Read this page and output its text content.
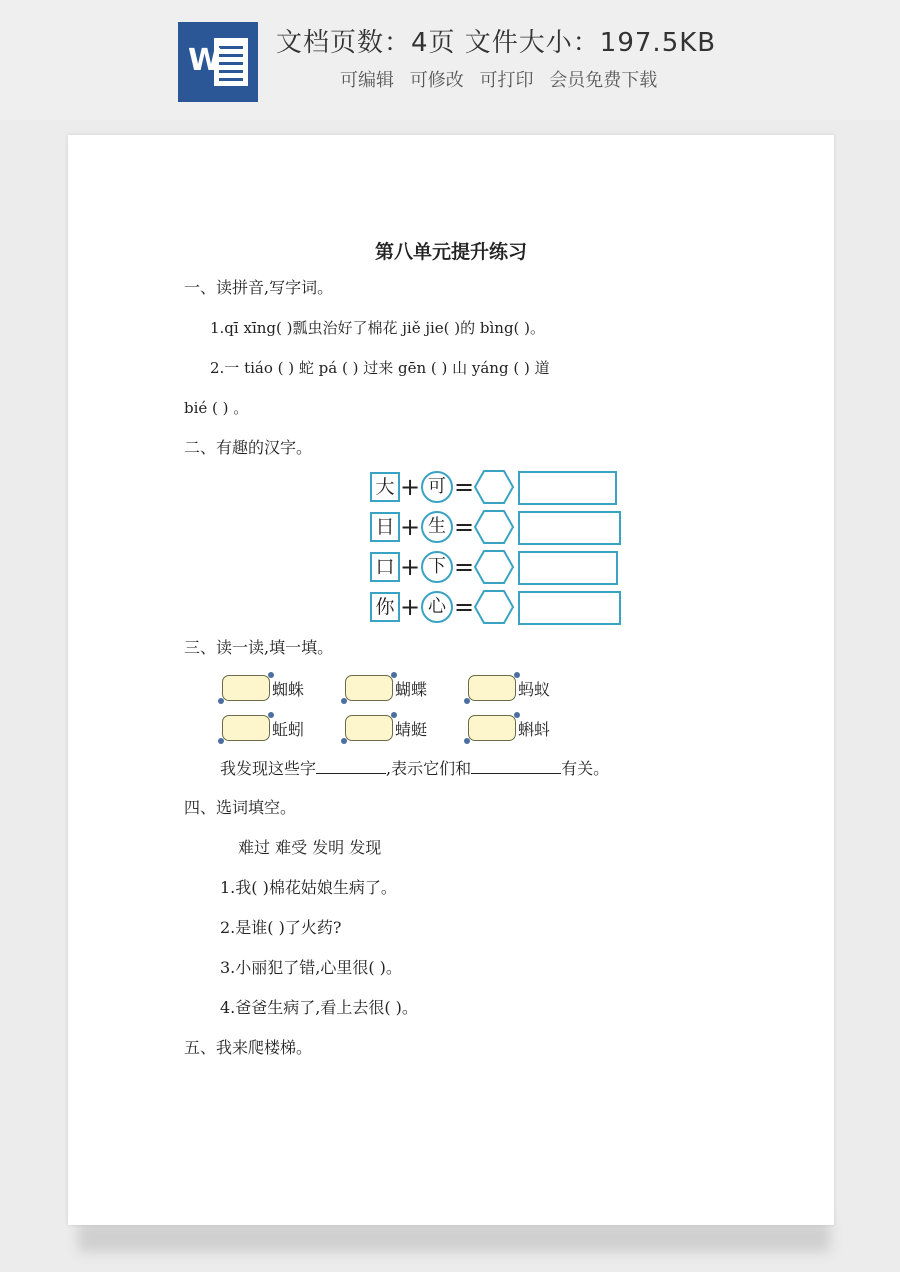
W 文档页数：4页 文件大小：197.5KB
可编辑 可修改 可打印 会员免费下载
第八单元提升练习
一、读拼音,写字词。
1.qī xīng( )瓢虫治好了棉花 jiě jie( )的 bìng( )。
2.一 tiáo ( ) 蛇 pá ( ) 过来 gēn ( ) 山 yáng ( ) 道
bié ( ) 。
二、有趣的汉字。
大 + 可 =
日 + 生 =
口 + 下 =
你 + 心 =
三、读一读,填一填。
蜘蛛	蝴蝶	蚂蚁
蚯蚓	蜻蜓	蝌蚪
我发现这些字	,表示它们和	有关。
四、选词填空。
难过 难受 发明 发现
1.我( )棉花姑娘生病了。
2.是谁( )了火药?
3.小丽犯了错,心里很( )。
4.爸爸生病了,看上去很( )。
五、我来爬楼梯。
